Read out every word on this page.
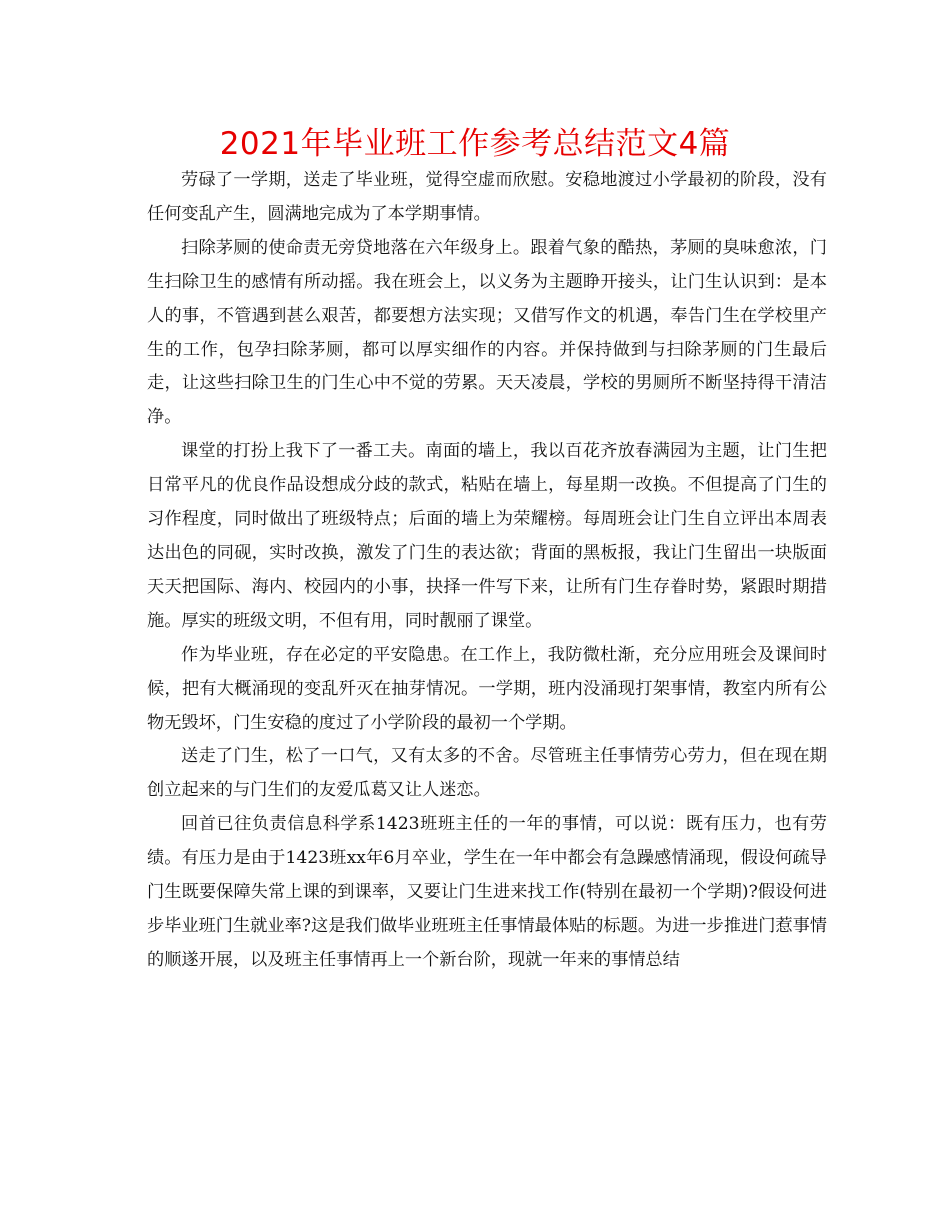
2021年毕业班工作参考总结范文4篇

劳碌了一学期，送走了毕业班，觉得空虚而欣慰。安稳地渡过小学最初的阶段，没有任何变乱产生，圆满地完成为了本学期事情。

扫除茅厕的使命责无旁贷地落在六年级身上。跟着气象的酷热，茅厕的臭味愈浓，门生扫除卫生的感情有所动摇。我在班会上，以义务为主题睁开接头，让门生认识到：是本人的事，不管遇到甚么艰苦，都要想方法实现；又借写作文的机遇，奉告门生在学校里产生的工作，包孕扫除茅厕，都可以厚实细作的内容。并保持做到与扫除茅厕的门生最后走，让这些扫除卫生的门生心中不觉的劳累。天天凌晨，学校的男厕所不断坚持得干清洁净。

课堂的打扮上我下了一番工夫。南面的墙上，我以百花齐放春满园为主题，让门生把日常平凡的优良作品设想成分歧的款式，粘贴在墙上，每星期一改换。不但提高了门生的习作程度，同时做出了班级特点；后面的墙上为荣耀榜。每周班会让门生自立评出本周表达出色的同砚，实时改换，激发了门生的表达欲；背面的黑板报，我让门生留出一块版面天天把国际、海内、校园内的小事，抉择一件写下来，让所有门生存眷时势，紧跟时期措施。厚实的班级文明，不但有用，同时靓丽了课堂。

作为毕业班，存在必定的平安隐患。在工作上，我防微杜渐，充分应用班会及课间时候，把有大概涌现的变乱歼灭在抽芽情况。一学期，班内没涌现打架事情，教室内所有公物无毁坏，门生安稳的度过了小学阶段的最初一个学期。

送走了门生，松了一口气，又有太多的不舍。尽管班主任事情劳心劳力，但在现在期创立起来的与门生们的友爱瓜葛又让人迷恋。

回首已往负责信息科学系1423班班主任的一年的事情，可以说：既有压力，也有劳绩。有压力是由于1423班xx年6月卒业，学生在一年中都会有急躁感情涌现，假设何疏导门生既要保障失常上课的到课率，又要让门生进来找工作(特别在最初一个学期)?假设何进步毕业班门生就业率?这是我们做毕业班班主任事情最体贴的标题。为进一步推进门惹事情的顺遂开展，以及班主任事情再上一个新台阶，现就一年来的事情总结
